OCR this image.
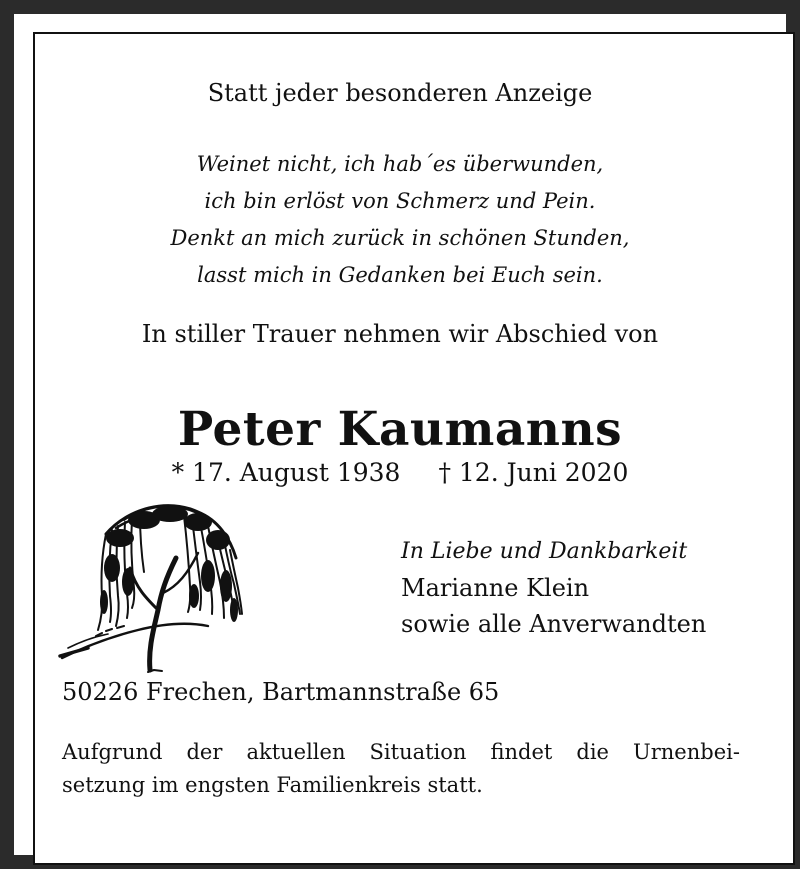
Statt jeder besonderen Anzeige
Weinet nicht, ich hab´es überwunden,
ich bin erlöst von Schmerz und Pein.
Denkt an mich zurück in schönen Stunden,
lasst mich in Gedanken bei Euch sein.
In stiller Trauer nehmen wir Abschied von
Peter Kaumanns
* 17. August 1938 † 12. Juni 2020
In Liebe und Dankbarkeit
Marianne Klein
sowie alle Anverwandten
50226 Frechen, Bartmannstraße 65
Aufgrund der aktuellen Situation findet die Urnenbei-
setzung im engsten Familienkreis statt.
